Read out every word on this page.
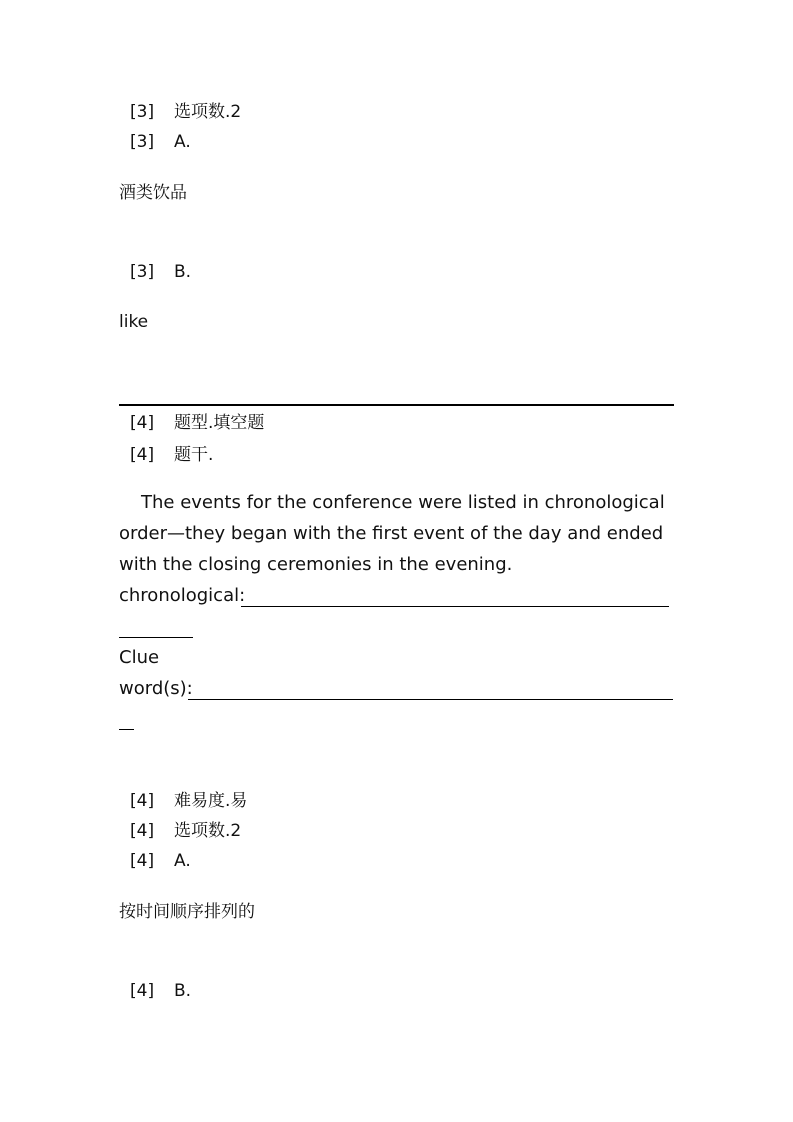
[3] 选项数.2
[3] A.
酒类饮品
[3] B.
like
[4] 题型.填空题
[4] 题干.
The events for the conference were listed in chronological
order—they began with the first event of the day and ended
with the closing ceremonies in the evening.
chronological:
Clue
word(s):
[4] 难易度.易
[4] 选项数.2
[4] A.
按时间顺序排列的
[4] B.
